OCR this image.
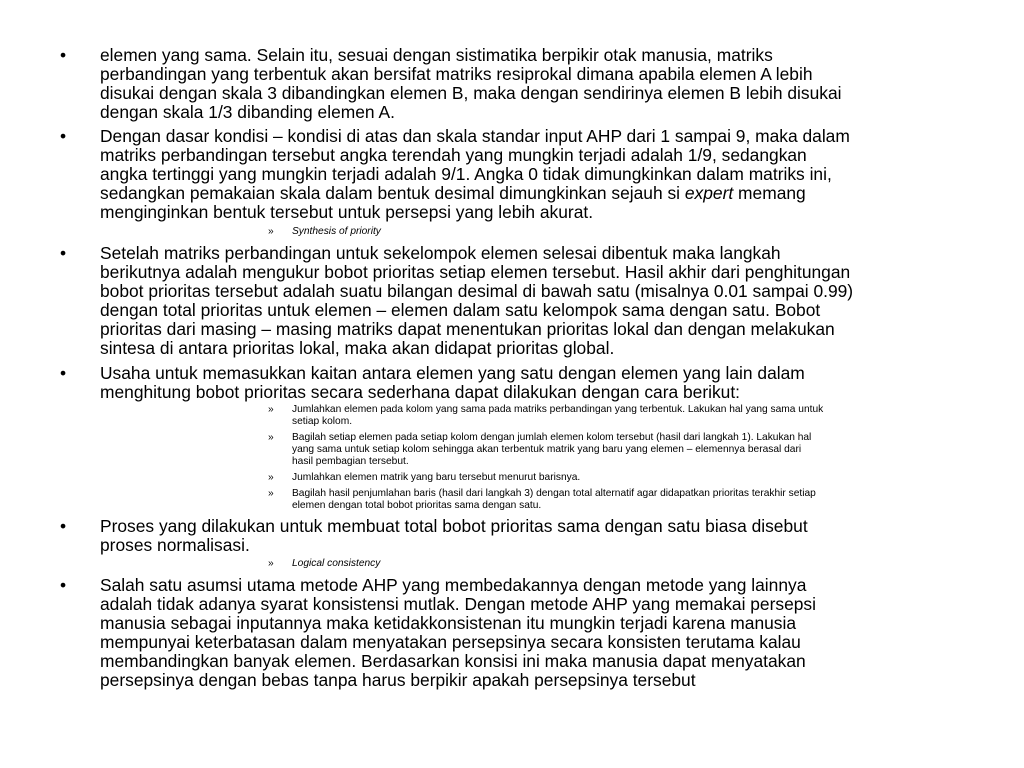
• elemen yang sama. Selain itu, sesuai dengan sistimatika berpikir otak manusia, matriks

perbandingan yang terbentuk akan bersifat matriks resiprokal dimana apabila elemen A lebih

disukai dengan skala 3 dibandingkan elemen B, maka dengan sendirinya elemen B lebih disukai

dengan skala 1/3 dibanding elemen A.

• Dengan dasar kondisi – kondisi di atas dan skala standar input AHP dari 1 sampai 9, maka dalam

matriks perbandingan tersebut angka terendah yang mungkin terjadi adalah 1/9, sedangkan

angka tertinggi yang mungkin terjadi adalah 9/1. Angka 0 tidak dimungkinkan dalam matriks ini,

sedangkan pemakaian skala dalam bentuk desimal dimungkinkan sejauh si expert memang

menginginkan bentuk tersebut untuk persepsi yang lebih akurat.

» Synthesis of priority

• Setelah matriks perbandingan untuk sekelompok elemen selesai dibentuk maka langkah

berikutnya adalah mengukur bobot prioritas setiap elemen tersebut. Hasil akhir dari penghitungan

bobot prioritas tersebut adalah suatu bilangan desimal di bawah satu (misalnya 0.01 sampai 0.99)

dengan total prioritas untuk elemen – elemen dalam satu kelompok sama dengan satu. Bobot

prioritas dari masing – masing matriks dapat menentukan prioritas lokal dan dengan melakukan

sintesa di antara prioritas lokal, maka akan didapat prioritas global.

• Usaha untuk memasukkan kaitan antara elemen yang satu dengan elemen yang lain dalam

menghitung bobot prioritas secara sederhana dapat dilakukan dengan cara berikut:

» Jumlahkan elemen pada kolom yang sama pada matriks perbandingan yang terbentuk. Lakukan hal yang sama untuk

setiap kolom.

» Bagilah setiap elemen pada setiap kolom dengan jumlah elemen kolom tersebut (hasil dari langkah 1). Lakukan hal

yang sama untuk setiap kolom sehingga akan terbentuk matrik yang baru yang elemen – elemennya berasal dari

hasil pembagian tersebut.

» Jumlahkan elemen matrik yang baru tersebut menurut barisnya.

» Bagilah hasil penjumlahan baris (hasil dari langkah 3) dengan total alternatif agar didapatkan prioritas terakhir setiap

elemen dengan total bobot prioritas sama dengan satu.

• Proses yang dilakukan untuk membuat total bobot prioritas sama dengan satu biasa disebut

proses normalisasi.

» Logical consistency

• Salah satu asumsi utama metode AHP yang membedakannya dengan metode yang lainnya

adalah tidak adanya syarat konsistensi mutlak. Dengan metode AHP yang memakai persepsi

manusia sebagai inputannya maka ketidakkonsistenan itu mungkin terjadi karena manusia

mempunyai keterbatasan dalam menyatakan persepsinya secara konsisten terutama kalau

membandingkan banyak elemen. Berdasarkan konsisi ini maka manusia dapat menyatakan

persepsinya dengan bebas tanpa harus berpikir apakah persepsinya tersebut
